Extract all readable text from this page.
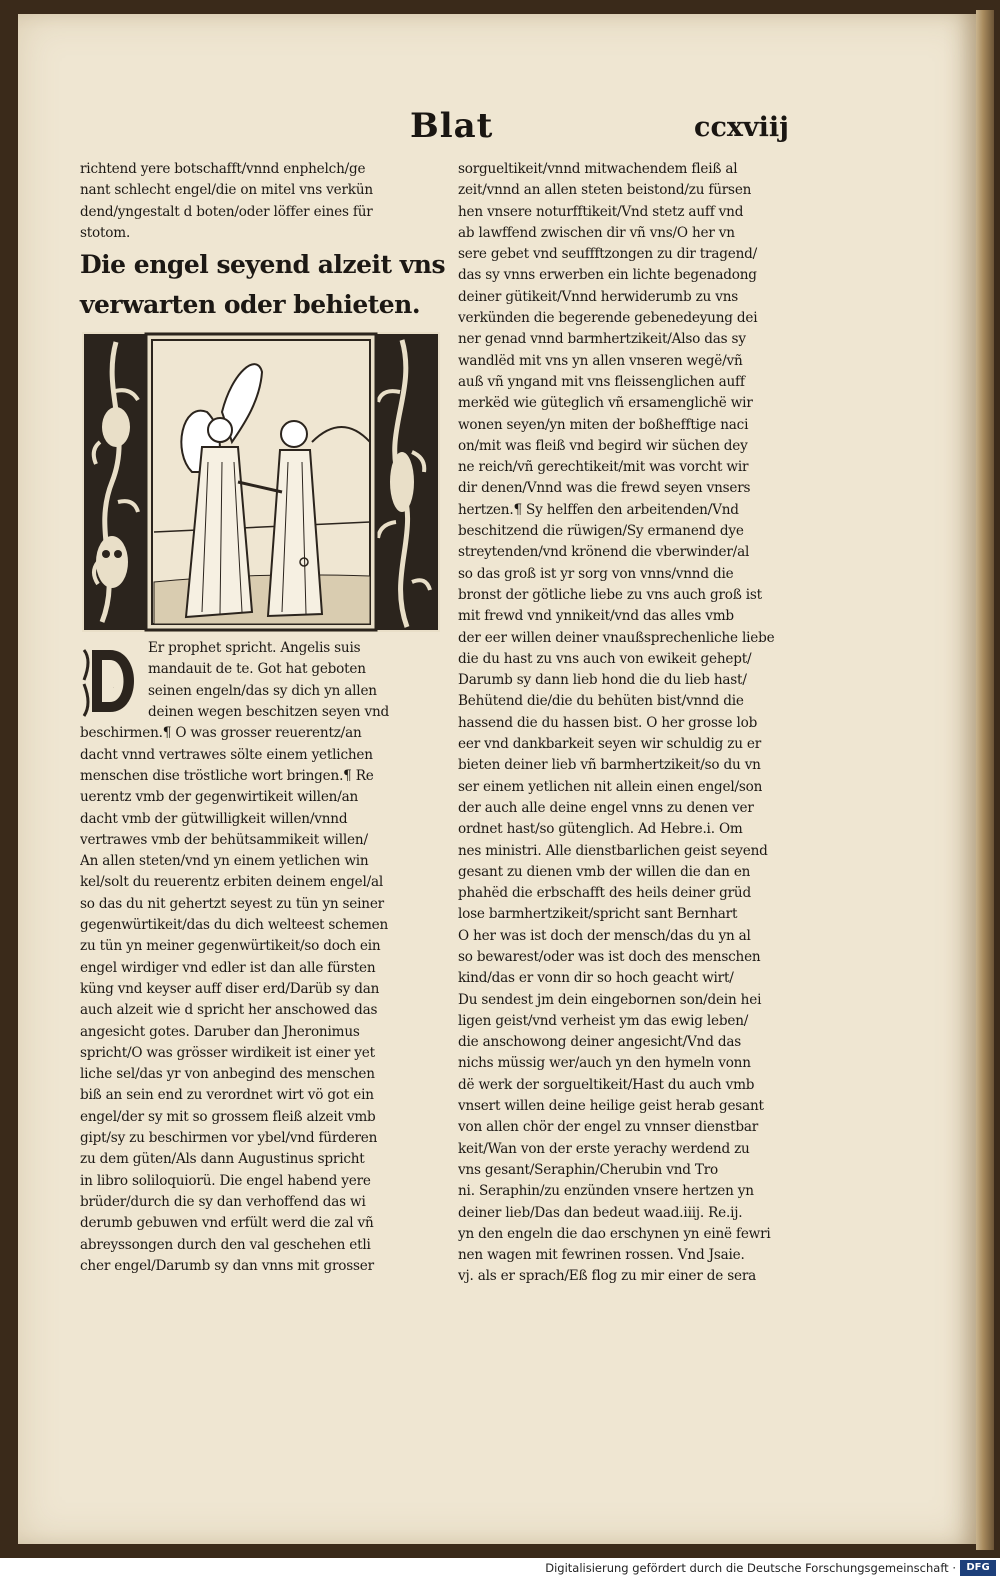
Blat	ccxviij
richtend yere botschafft/vnnd enphelch/ge
nant schlecht engel/die on mitel vns verkün
dend/yngestalt d boten/oder löffer eines für
stotom.
Die engel seyend alzeit vns
verwarten oder behieten.
D
Er prophet spricht. Angelis suis
mandauit de te. Got hat geboten
seinen engeln/das sy dich yn allen
deinen wegen beschitzen seyen vnd
beschirmen.¶ O was grosser reuerentz/an
dacht vnnd vertrawes sölte einem yetlichen
menschen dise tröstliche wort bringen.¶ Re
uerentz vmb der gegenwirtikeit willen/an
dacht vmb der gütwilligkeit willen/vnnd
vertrawes vmb der behütsammikeit willen/
An allen steten/vnd yn einem yetlichen win
kel/solt du reuerentz erbiten deinem engel/al
so das du nit gehertzt seyest zu tün yn seiner
gegenwürtikeit/das du dich welteest schemen
zu tün yn meiner gegenwürtikeit/so doch ein
engel wirdiger vnd edler ist dan alle fürsten
küng vnd keyser auff diser erd/Darüb sy dan
auch alzeit wie d spricht her anschowed das
angesicht gotes. Daruber dan Jheronimus
spricht/O was grösser wirdikeit ist einer yet
liche sel/das yr von anbegind des menschen
biß an sein end zu verordnet wirt vö got ein
engel/der sy mit so grossem fleiß alzeit vmb
gipt/sy zu beschirmen vor ybel/vnd fürderen
zu dem güten/Als dann Augustinus spricht
in libro soliloquiorü. Die engel habend yere
brüder/durch die sy dan verhoffend das wi
derumb gebuwen vnd erfült werd die zal vñ
abreyssongen durch den val geschehen etli
cher engel/Darumb sy dan vnns mit grosser
sorgueltikeit/vnnd mitwachendem fleiß al
zeit/vnnd an allen steten beistond/zu fürsen
hen vnsere noturfftikeit/Vnd stetz auff vnd
ab lawffend zwischen dir vñ vns/O her vn
sere gebet vnd seuffftzongen zu dir tragend/
das sy vnns erwerben ein lichte begenadong
deiner gütikeit/Vnnd herwiderumb zu vns
verkünden die begerende gebenedeyung dei
ner genad vnnd barmhertzikeit/Also das sy
wandlëd mit vns yn allen vnseren wegë/vñ
auß vñ yngand mit vns fleissenglichen auff
merkëd wie güteglich vñ ersamenglichë wir
wonen seyen/yn miten der boßhefftige naci
on/mit was fleiß vnd begird wir süchen dey
ne reich/vñ gerechtikeit/mit was vorcht wir
dir denen/Vnnd was die frewd seyen vnsers
hertzen.¶ Sy helffen den arbeitenden/Vnd
beschitzend die rüwigen/Sy ermanend dye
streytenden/vnd krönend die vberwinder/al
so das groß ist yr sorg von vnns/vnnd die
bronst der götliche liebe zu vns auch groß ist
mit frewd vnd ynnikeit/vnd das alles vmb
der eer willen deiner vnaußsprechenliche liebe
die du hast zu vns auch von ewikeit gehept/
Darumb sy dann lieb hond die du lieb hast/
Behütend die/die du behüten bist/vnnd die
hassend die du hassen bist. O her grosse lob
eer vnd dankbarkeit seyen wir schuldig zu er
bieten deiner lieb vñ barmhertzikeit/so du vn
ser einem yetlichen nit allein einen engel/son
der auch alle deine engel vnns zu denen ver
ordnet hast/so gütenglich. Ad Hebre.i. Om
nes ministri. Alle dienstbarlichen geist seyend
gesant zu dienen vmb der willen die dan en
phahëd die erbschafft des heils deiner grüd
lose barmhertzikeit/spricht sant Bernhart
O her was ist doch der mensch/das du yn al
so bewarest/oder was ist doch des menschen
kind/das er vonn dir so hoch geacht wirt/
Du sendest jm dein eingebornen son/dein hei
ligen geist/vnd verheist ym das ewig leben/
die anschowong deiner angesicht/Vnd das
nichs müssig wer/auch yn den hymeln vonn
dë werk der sorgueltikeit/Hast du auch vmb
vnsert willen deine heilige geist herab gesant
von allen chör der engel zu vnnser dienstbar
keit/Wan von der erste yerachy werdend zu
vns gesant/Seraphin/Cherubin vnd Tro
ni. Seraphin/zu enzünden vnsere hertzen yn
deiner lieb/Das dan bedeut waad.iiij. Re.ij.
yn den engeln die dao erschynen yn einë fewri
nen wagen mit fewrinen rossen. Vnd Jsaie.
vj. als er sprach/Eß flog zu mir einer de sera
Digitalisierung gefördert durch die Deutsche Forschungsgemeinschaft ·	DFG
